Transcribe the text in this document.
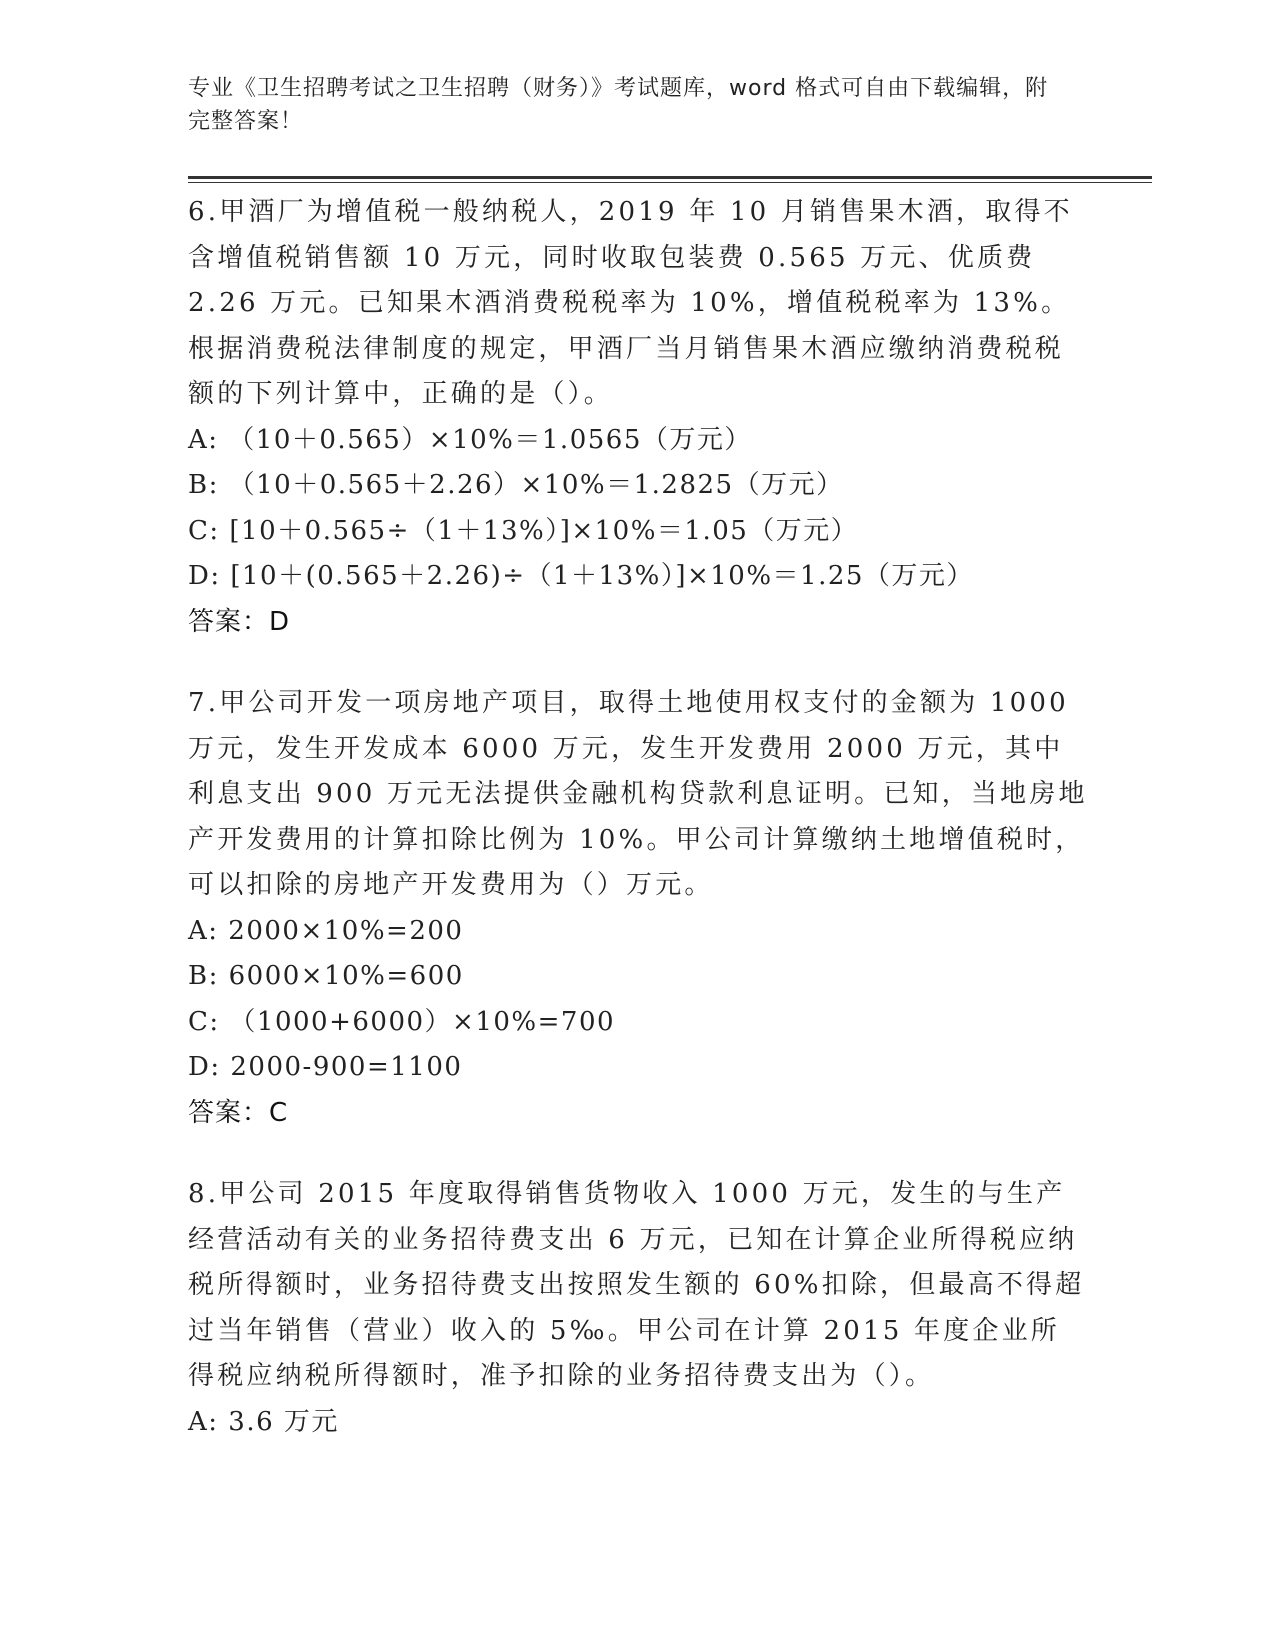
专业《卫生招聘考试之卫生招聘（财务）》考试题库，word 格式可自由下载编辑，附完整答案！
6.甲酒厂为增值税一般纳税人，2019 年 10 月销售果木酒，取得不含增值税销售额 10 万元，同时收取包装费 0.565 万元、优质费 2.26 万元。已知果木酒消费税税率为 10%，增值税税率为 13%。根据消费税法律制度的规定，甲酒厂当月销售果木酒应缴纳消费税税额的下列计算中，正确的是（）。
A: （10＋0.565）×10%＝1.0565（万元）
B: （10＋0.565＋2.26）×10%＝1.2825（万元）
C: [10＋0.565÷（1＋13%）]×10%＝1.05（万元）
D: [10＋(0.565＋2.26)÷（1＋13%）]×10%＝1.25（万元）
答案：D
7.甲公司开发一项房地产项目，取得土地使用权支付的金额为 1000 万元，发生开发成本 6000 万元，发生开发费用 2000 万元，其中利息支出 900 万元无法提供金融机构贷款利息证明。已知，当地房地产开发费用的计算扣除比例为 10%。甲公司计算缴纳土地增值税时，可以扣除的房地产开发费用为（）万元。
A: 2000×10%=200
B: 6000×10%=600
C: （1000+6000）×10%=700
D: 2000-900=1100
答案：C
8.甲公司 2015 年度取得销售货物收入 1000 万元，发生的与生产经营活动有关的业务招待费支出 6 万元，已知在计算企业所得税应纳税所得额时，业务招待费支出按照发生额的 60%扣除，但最高不得超过当年销售（营业）收入的 5‰。甲公司在计算 2015 年度企业所得税应纳税所得额时，准予扣除的业务招待费支出为（）。
A: 3.6 万元
